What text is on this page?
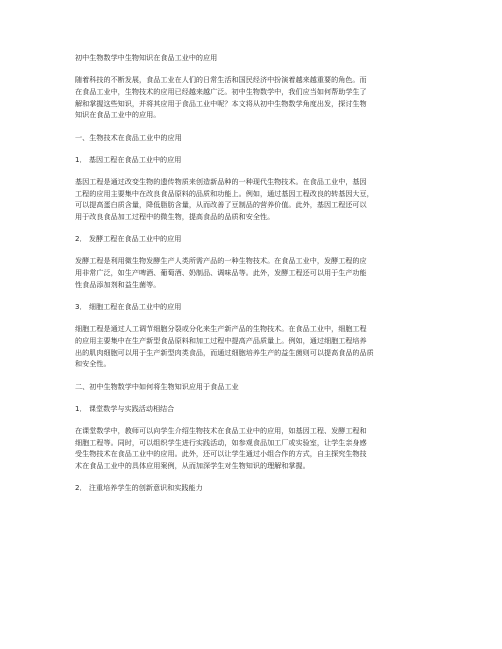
初中生物数学中生物知识在食品工业中的应用
随着科技的不断发展，食品工业在人们的日常生活和国民经济中扮演着越来越重要的角色。而
在食品工业中，生物技术的应用已经越来越广泛。初中生物数学中，我们应当如何帮助学生了
解和掌握这些知识，并将其应用于食品工业中呢？本文将从初中生物数学角度出发，探讨生物
知识在食品工业中的应用。
一、生物技术在食品工业中的应用
1． 基因工程在食品工业中的应用
基因工程是通过改变生物的遗传物质来创造新品种的一种现代生物技术。在食品工业中，基因
工程的应用主要集中在改良食品原料的品质和功能上。例如，通过基因工程改良的转基因大豆，
可以提高蛋白质含量，降低脂肪含量，从而改善了豆制品的营养价值。此外，基因工程还可以
用于改良食品加工过程中的微生物，提高食品的品质和安全性。
2． 发酵工程在食品工业中的应用
发酵工程是利用微生物发酵生产人类所需产品的一种生物技术。在食品工业中，发酵工程的应
用非常广泛，如生产啤酒、葡萄酒、奶制品、调味品等。此外，发酵工程还可以用于生产功能
性食品添加剂和益生菌等。
3． 细胞工程在食品工业中的应用
细胞工程是通过人工调节细胞分裂或分化来生产新产品的生物技术。在食品工业中，细胞工程
的应用主要集中在生产新型食品原料和加工过程中提高产品质量上。例如，通过细胞工程培养
出的肌肉细胞可以用于生产新型肉类食品，而通过细胞培养生产的益生菌则可以提高食品的品质
和安全性。
二、初中生物数学中如何将生物知识应用于食品工业
1． 课堂数学与实践活动相结合
在课堂数学中，教师可以向学生介绍生物技术在食品工业中的应用，如基因工程、发酵工程和
细胞工程等。同时，可以组织学生进行实践活动，如参观食品加工厂或实验室，让学生亲身感
受生物技术在食品工业中的应用。此外，还可以让学生通过小组合作的方式，自主探究生物技
术在食品工业中的具体应用案例，从而加深学生对生物知识的理解和掌握。
2． 注重培养学生的创新意识和实践能力
